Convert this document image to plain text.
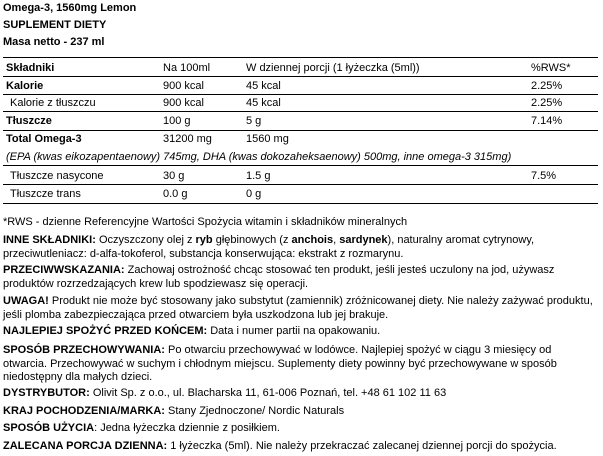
Omega-3, 1560mg Lemon
SUPLEMENT DIETY
Masa netto - 237 ml
Składniki	Na 100ml	W dziennej porcji (1 łyżeczka (5ml))	%RWS*
Kalorie	900 kcal	45 kcal	2.25%
Kalorie z tłuszczu	900 kcal	45 kcal	2.25%
Tłuszcze	100 g	5 g	7.14%
Total Omega-3	31200 mg	1560 mg
(EPA (kwas eikozapentaenowy) 745mg, DHA (kwas dokozaheksaenowy) 500mg, inne omega-3 315mg)
Tłuszcze nasycone	30 g	1.5 g	7.5%
Tłuszcze trans	0.0 g	0 g
*RWS - dzienne Referencyjne Wartości Spożycia witamin i składników mineralnych
INNE SKŁADNIKI: Oczyszczony olej z ryb głębinowych (z anchois, sardynek), naturalny aromat cytrynowy, przeciwutleniacz: d-alfa-tokoferol, substancja konserwująca: ekstrakt z rozmarynu.
PRZECIWWSKAZANIA: Zachowaj ostrożność chcąc stosować ten produkt, jeśli jesteś uczulony na jod, używasz produktów rozrzedzających krew lub spodziewasz się operacji.
UWAGA! Produkt nie może być stosowany jako substytut (zamiennik) zróżnicowanej diety. Nie należy zażywać produktu, jeśli plomba zabezpieczająca przed otwarciem była uszkodzona lub jej brakuje.
NAJLEPIEJ SPOŻYĆ PRZED KOŃCEM: Data i numer partii na opakowaniu.
SPOSÓB PRZECHOWYWANIA: Po otwarciu przechowywać w lodówce. Najlepiej spożyć w ciągu 3 miesięcy od otwarcia. Przechowywać w suchym i chłodnym miejscu. Suplementy diety powinny być przechowywane w sposób niedostępny dla małych dzieci.
DYSTRYBUTOR: Olivit Sp. z o.o., ul. Blacharska 11, 61-006 Poznań, tel. +48 61 102 11 63
KRAJ POCHODZENIA/MARKA: Stany Zjednoczone/ Nordic Naturals
SPOSÓB UŻYCIA: Jedna łyżeczka dziennie z posiłkiem.
ZALECANA PORCJA DZIENNA: 1 łyżeczka (5ml). Nie należy przekraczać zalecanej dziennej porcji do spożycia.
